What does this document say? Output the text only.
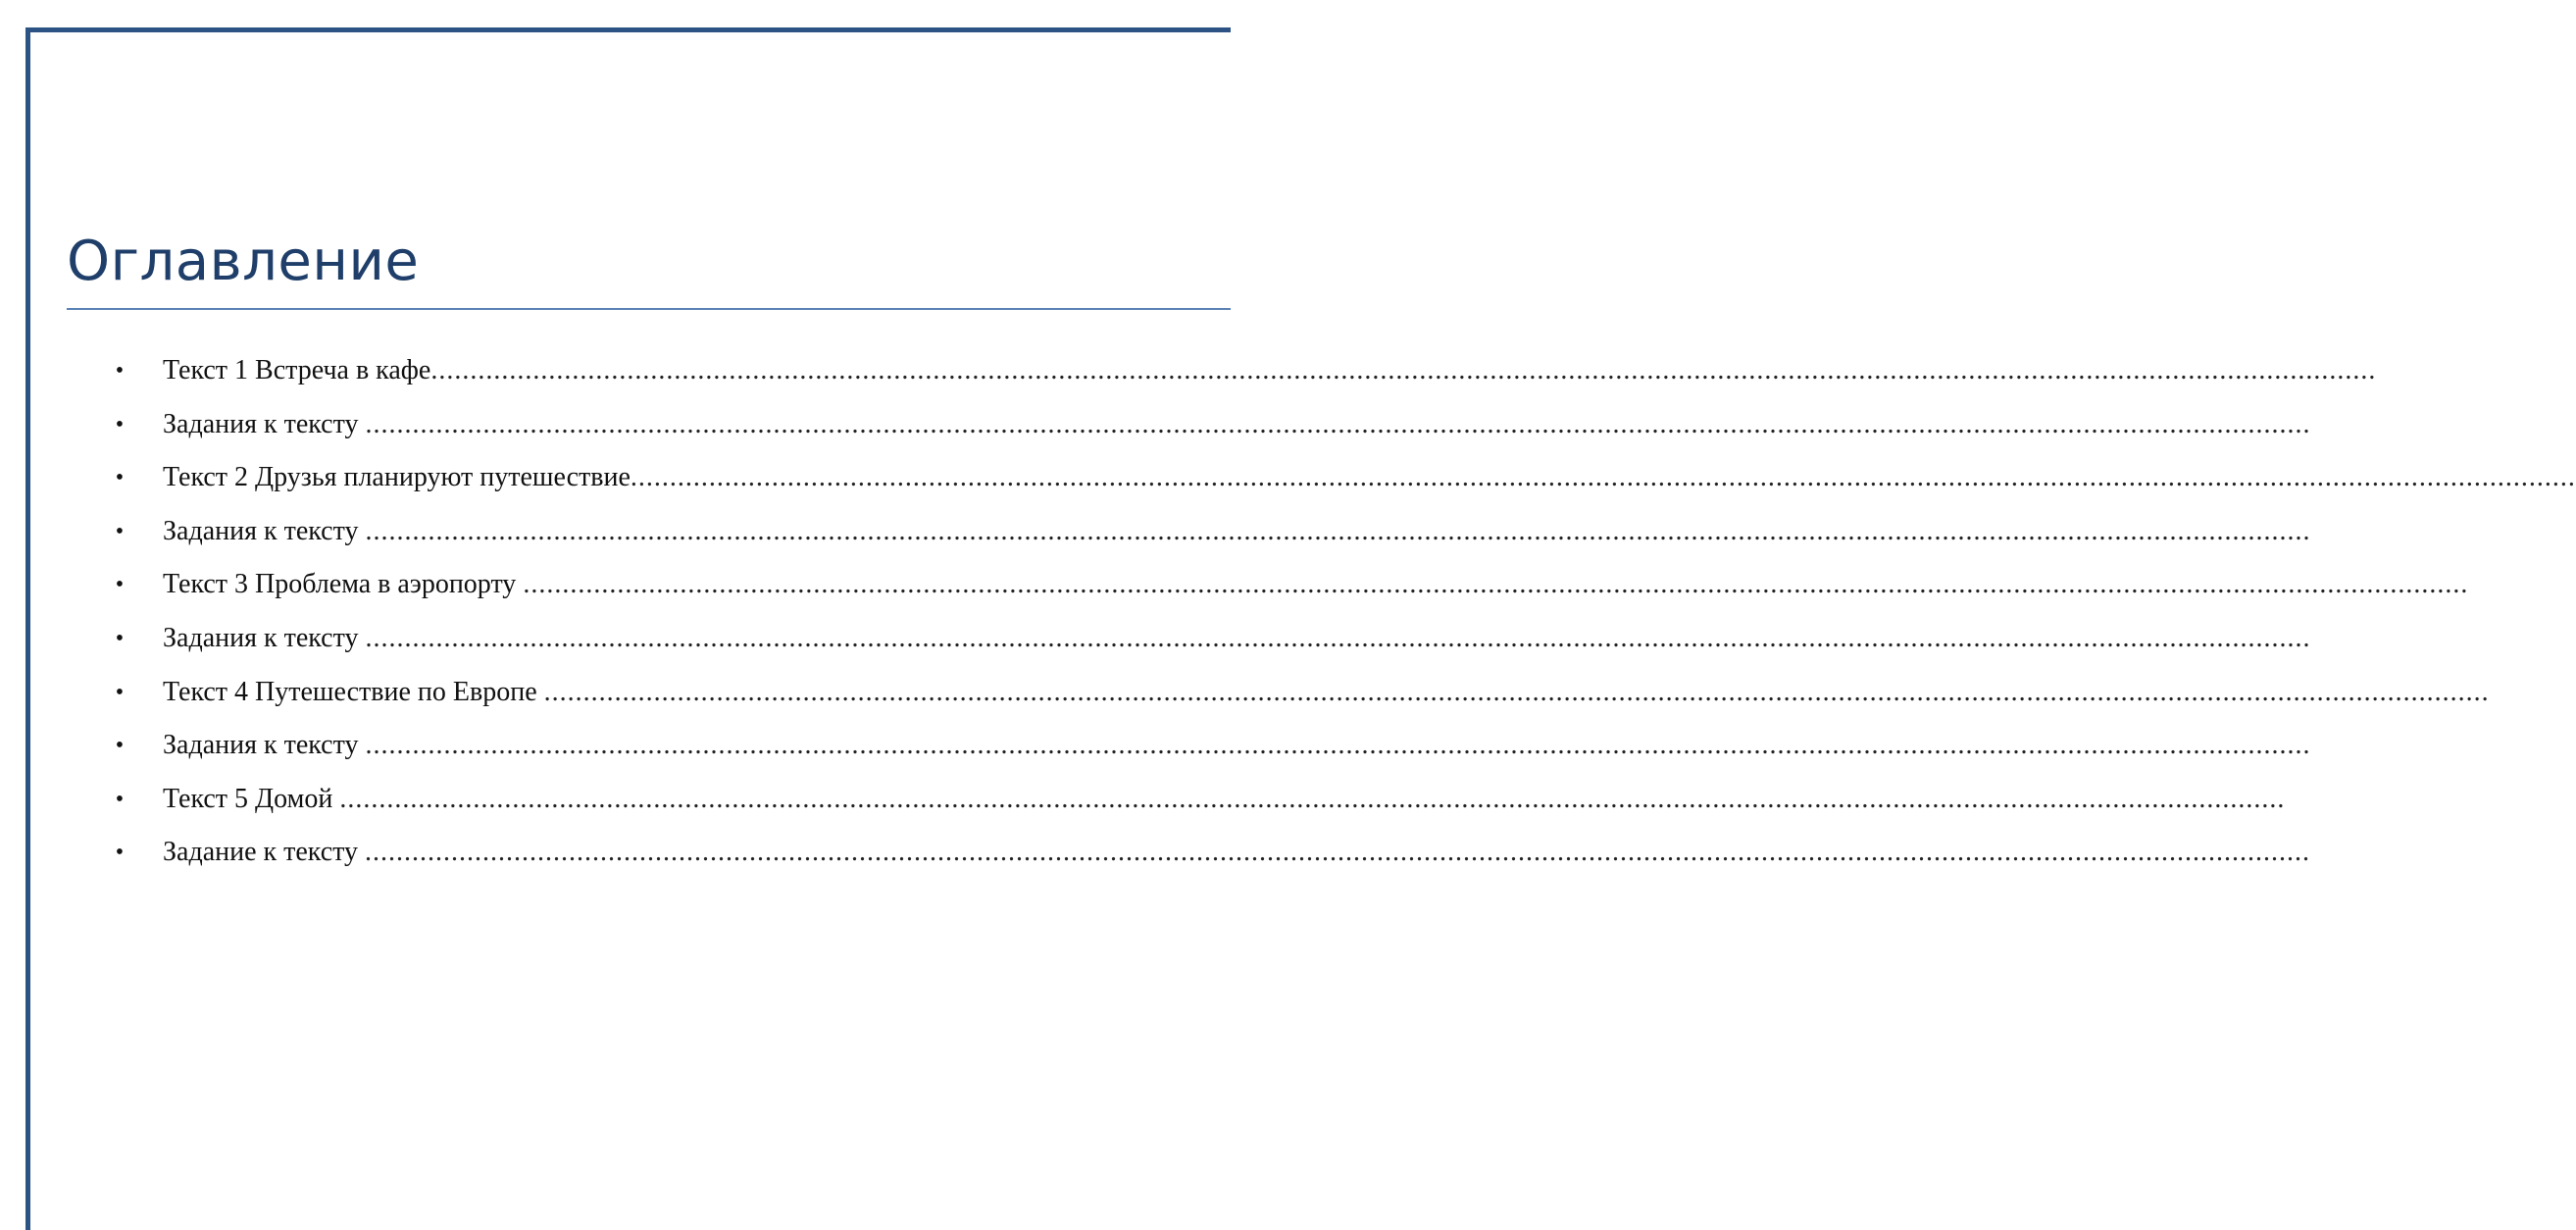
Оглавление
• Текст 1 Встреча в кафе........................................................................................................................................................................................................................................................
• Задания к тексту ........................................................................................................................................................................................................................................................
• Текст 2 Друзья планируют путешествие........................................................................................................................................................................................................................................................
• Задания к тексту ........................................................................................................................................................................................................................................................
• Текст 3 Проблема в аэропорту ........................................................................................................................................................................................................................................................
• Задания к тексту ........................................................................................................................................................................................................................................................
• Текст 4 Путешествие по Европе ........................................................................................................................................................................................................................................................
• Задания к тексту ........................................................................................................................................................................................................................................................
• Текст 5 Домой ........................................................................................................................................................................................................................................................
• Задание к тексту ........................................................................................................................................................................................................................................................
